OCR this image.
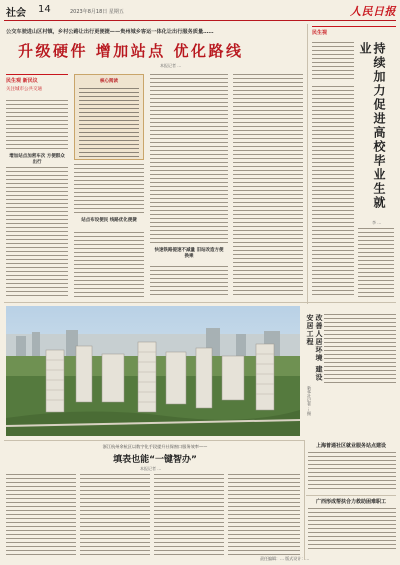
社会 14	2023年8月18日 星期五	人民日报
公交车驶进山区村镇，乡村公路让出行更便捷——贵州城乡客运一体化让出行服务质量……
升级硬件 增加站点 优化路线
本报记者 …
民生观 新民议
关注城市公共交通
增加站点加密车次 方便群众出行
核心阅读
站点布设便民 线路优化便捷
快速铁路提速不减量 旧站改造方便换乘
民生视
持续加力促进高校毕业生就业
李 …
改善人居环境 建设安居工程
新华社记者 …摄
浙江杭州余杭区以数字化手段提升社保窗口服务效率——
填表也能“一键智办”
本报记者 …
上海普通社区就业服务站点建设
广西形成帮扶合力救助困难职工
责任编辑：… 版式设计：…
